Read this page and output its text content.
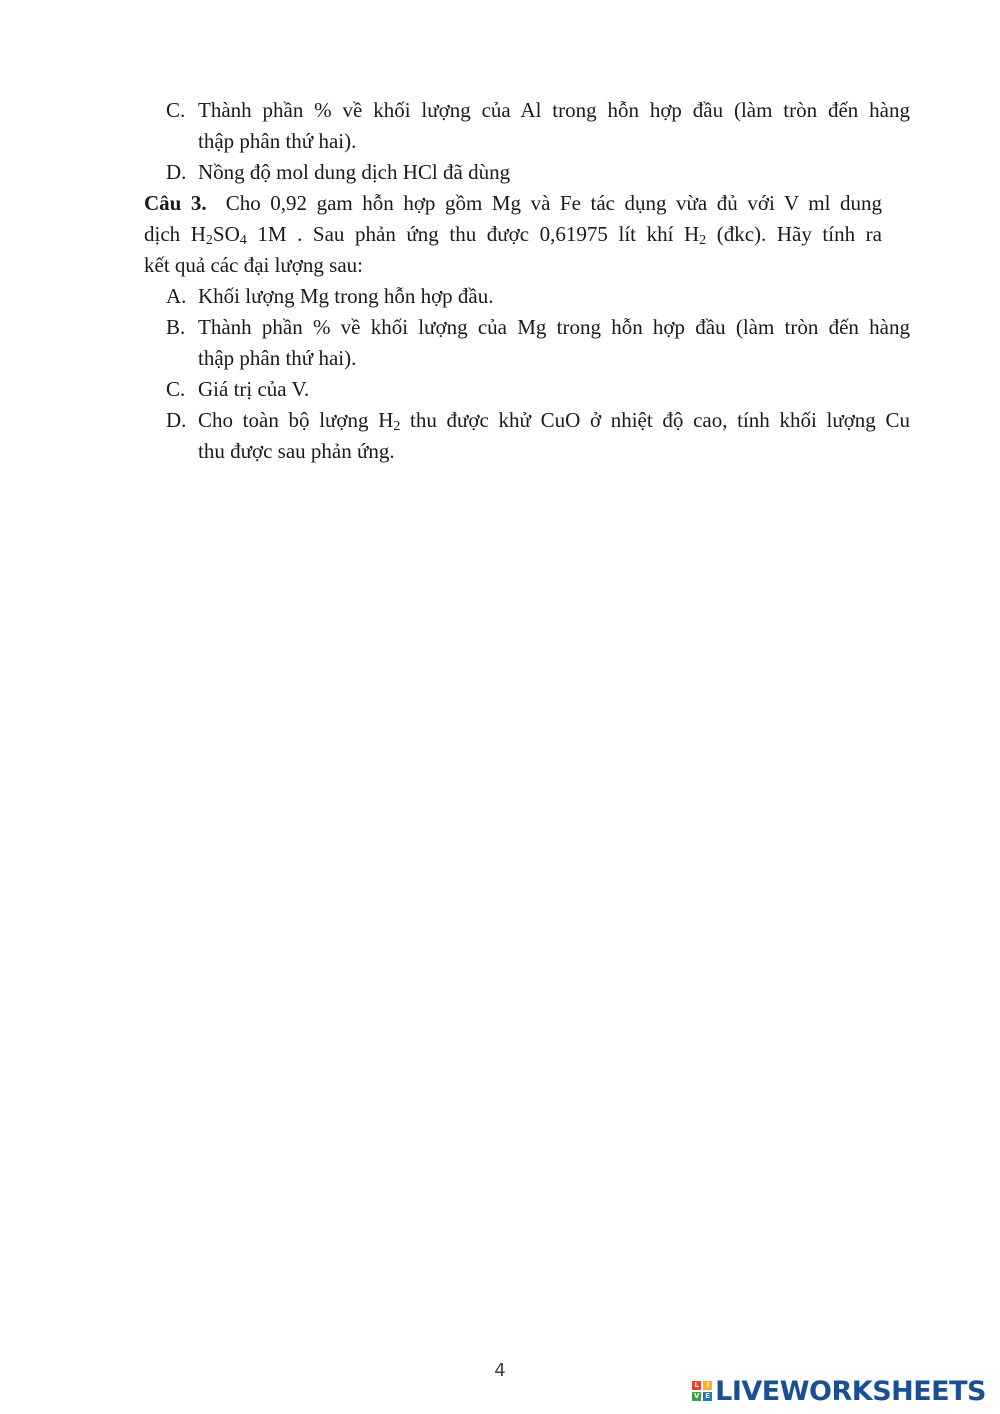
C. Thành phần % về khối lượng của Al trong hỗn hợp đầu (làm tròn đến hàng
thập phân thứ hai).
D. Nồng độ mol dung dịch HCl đã dùng
Câu 3. Cho 0,92 gam hỗn hợp gồm Mg và Fe tác dụng vừa đủ với V ml dung
dịch $H_2SO_4$ 1M . Sau phản ứng thu được 0,61975 lít khí $H_2$ (đkc). Hãy tính ra
kết quả các đại lượng sau:
A. Khối lượng Mg trong hỗn hợp đầu.
B. Thành phần % về khối lượng của Mg trong hỗn hợp đầu (làm tròn đến hàng
thập phân thứ hai).
C. Giá trị của V.
D. Cho toàn bộ lượng $H_2$ thu được khử CuO ở nhiệt độ cao, tính khối lượng Cu
thu được sau phản ứng.
4
L	I
V E LIVEWORKSHEETS
